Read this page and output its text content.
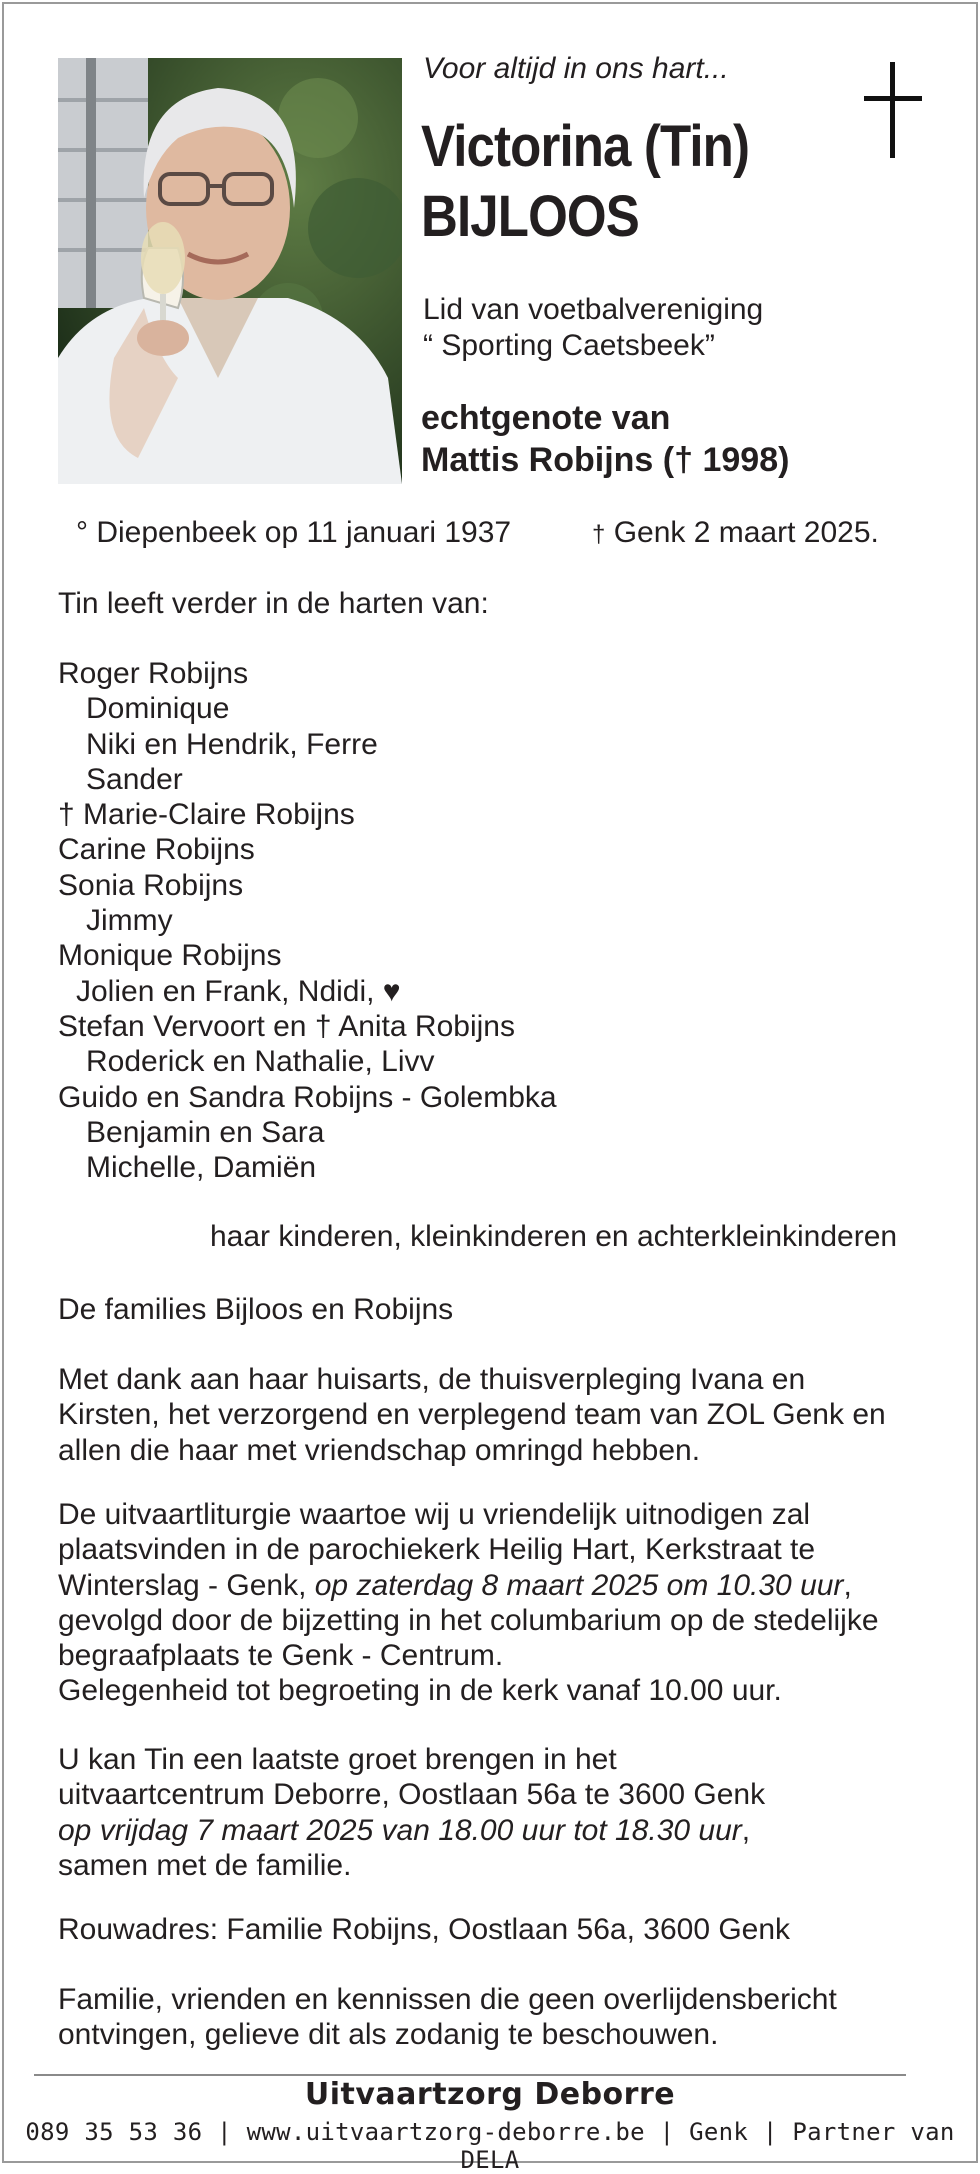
Voor altijd in ons hart...
Victorina (Tin)
BIJLOOS
Lid van voetbalvereniging
“ Sporting Caetsbeek”
echtgenote van
Mattis Robijns († 1998)
° Diepenbeek op 11 januari 1937	† Genk 2 maart 2025.
Tin leeft verder in de harten van:
Roger Robijns
Dominique
Niki en Hendrik, Ferre
Sander
† Marie-Claire Robijns
Carine Robijns
Sonia Robijns
Jimmy
Monique Robijns
Jolien en Frank, Ndidi, ♥
Stefan Vervoort en † Anita Robijns
Roderick en Nathalie, Livv
Guido en Sandra Robijns - Golembka
Benjamin en Sara
Michelle, Damiën
haar kinderen, kleinkinderen en achterkleinkinderen
De families Bijloos en Robijns
Met dank aan haar huisarts, de thuisverpleging Ivana en
Kirsten, het verzorgend en verplegend team van ZOL Genk en
allen die haar met vriendschap omringd hebben.
De uitvaartliturgie waartoe wij u vriendelijk uitnodigen zal
plaatsvinden in de parochiekerk Heilig Hart, Kerkstraat te
Winterslag - Genk, op zaterdag 8 maart 2025 om 10.30 uur,
gevolgd door de bijzetting in het columbarium op de stedelijke
begraafplaats te Genk - Centrum.
Gelegenheid tot begroeting in de kerk vanaf 10.00 uur.
U kan Tin een laatste groet brengen in het
uitvaartcentrum Deborre, Oostlaan 56a te 3600 Genk
op vrijdag 7 maart 2025 van 18.00 uur tot 18.30 uur,
samen met de familie.
Rouwadres: Familie Robijns, Oostlaan 56a, 3600 Genk
Familie, vrienden en kennissen die geen overlijdensbericht
ontvingen, gelieve dit als zodanig te beschouwen.
Uitvaartzorg Deborre
089 35 53 36 | www.uitvaartzorg-deborre.be | Genk | Partner van DELA
